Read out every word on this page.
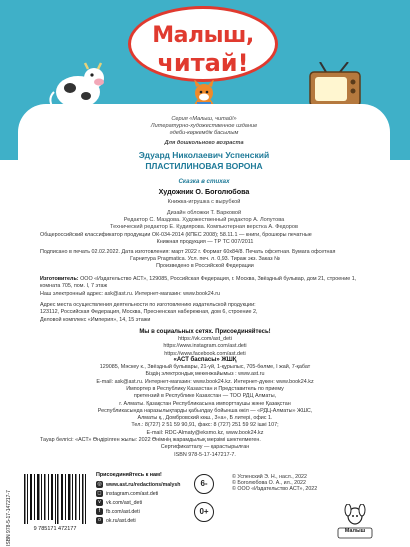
Малыш,
читай!
Серия «Малыш, читай!»
Литературно-художественное издание
әдеби-көркемдік басылым
Для дошкольного возраста
Эдуард Николаевич Успенский
ПЛАСТИЛИНОВАЯ ВОРОНА
Сказка в стихах
Художник О. Боголюбова
Книжка-игрушка с вырубкой
Дизайн обложки Т. Варковой
Редактор С. Маздова. Художественный редактор А. Лопутова
Технический редактор Е. Кудиярова. Компьютерная верстка А. Федоров
Общероссийский классификатор продукции ОК-034-2014 (КПЕС 2008); 58.11.1 — книги, брошюры печатные
Книжная продукция — ТР ТС 007/2011
Подписано в печать 02.02.2022. Дата изготовления: март 2022 г. Формат 60x84/8. Печать офсетная. Бумага офсетная
Гарнитура Pragmatica. Усл. печ. л. 0,93. Тираж экз. Заказ №
Произведено в Российской Федерации
Изготовитель: ООО «Издательство АСТ», 129085, Российская Федерация, г. Москва, Звёздный бульвар, дом 21, строение 1, комната 705, пом. I, 7 этаж
Наш электронный адрес: ask@ast.ru. Интернет-магазин: www.book24.ru
Адрес места осуществления деятельности по изготовлению издательской продукции:
123112, Российская Федерация, Москва, Пресненская набережная, дом 6, строение 2,
Деловой комплекс «Империя», 14, 15 этажи
Мы в социальных сетях. Присоединяйтесь!
https://vk.com/ast_deti
https://www.instagram.com/ast.deti
https://www.facebook.com/ast.deti
«АСТ баспасы» ЖШҚ
129085, Мәскеу к., Звёздный бульвары, 21-үй, 1-құрылыс, 705-бөлме, I жай, 7-қабат
Біздің электрондық мекенжайымыз : www.ast.ru
E-mail: ask@ast.ru. Интернет-магазин: www.book24.kz. Интернет-дүкен: www.book24.kz
Импортер в Республику Казахстан и Представитель по приему
претензий в Республике Казахстан — ТОО РДЦ Алматы,
г. Алматы. Қазақстан Республикасына импорттаушы және Қазақстан
Республикасында наразылықтарды қабылдау бойынша өкіл — «РДЦ-Алматы» ЖШС,
Алматы қ., Домбровский көш., 3«а», Б литері, офис 1.
Тел.: 8(727) 2 51 59 90,91, факс: 8 (727) 251 59 92 ішкі 107;
E-mail: RDC-Almaty@eksmo.kz, www.book24.kz
Тауар белгісі: «АСТ» Өндірілген жылы: 2022 Өнімнің жарамдылық мерзімі шектелмеген.
Сертификатталу — қарастырылған
ISBN 978-5-17-147217-7.
ISBN 978-5-17-147217-7	9 785171 472177
Присоединяйтесь к нам!
◎ www.ast.ru/redactions/malysh
◻ instagram.com/ast.deti
v	vk.com/ast_deti
f	fb.com/ast.deti
o ok.ru/ast.deti
6-
0+
© Успенский Э. Н., насл., 2022
© Боголюбова О. А., ил., 2022
© ООО «Издательство АСТ», 2022
Малыш
